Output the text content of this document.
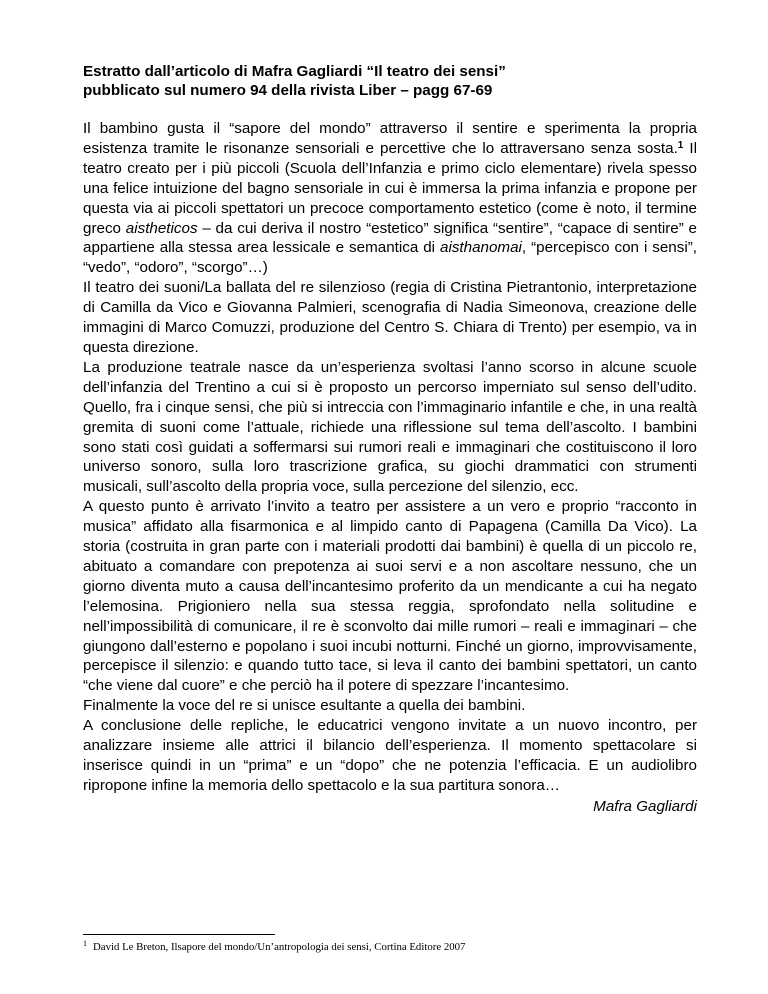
Estratto dall’articolo di Mafra Gagliardi “Il teatro dei sensi”
pubblicato sul numero 94 della rivista Liber – pagg 67-69

Il bambino gusta il “sapore del mondo” attraverso il sentire e sperimenta la propria esistenza tramite le risonanze sensoriali e percettive che lo attraversano senza sosta.$^1$ Il teatro creato per i più piccoli (Scuola dell’Infanzia e primo ciclo elementare) rivela spesso una felice intuizione del bagno sensoriale in cui è immersa la prima infanzia e propone per questa via ai piccoli spettatori un precoce comportamento estetico (come è noto, il termine greco aistheticos – da cui deriva il nostro “estetico” significa “sentire”, “capace di sentire” e appartiene alla stessa area lessicale e semantica di aisthanomai, “percepisco con i sensi”, “vedo”, “odoro”, “scorgo”…)

Il teatro dei suoni/La ballata del re silenzioso (regia di Cristina Pietrantonio, interpretazione di Camilla da Vico e Giovanna Palmieri, scenografia di Nadia Simeonova, creazione delle immagini di Marco Comuzzi, produzione del Centro S. Chiara di Trento) per esempio, va in questa direzione.

La produzione teatrale nasce da un’esperienza svoltasi l’anno scorso in alcune scuole dell’infanzia del Trentino a cui si è proposto un percorso imperniato sul senso dell’udito. Quello, fra i cinque sensi, che più si intreccia con l’immaginario infantile e che, in una realtà gremita di suoni come l’attuale, richiede una riflessione sul tema dell’ascolto. I bambini sono stati così guidati a soffermarsi sui rumori reali e immaginari che costituiscono il loro universo sonoro, sulla loro trascrizione grafica, su giochi drammatici con strumenti musicali, sull’ascolto della propria voce, sulla percezione del silenzio, ecc.

A questo punto è arrivato l’invito a teatro per assistere a un vero e proprio “racconto in musica” affidato alla fisarmonica e al limpido canto di Papagena (Camilla Da Vico). La storia (costruita in gran parte con i materiali prodotti dai bambini) è quella di un piccolo re, abituato a comandare con prepotenza ai suoi servi e a non ascoltare nessuno, che un giorno diventa muto a causa dell’incantesimo proferito da un mendicante a cui ha negato l’elemosina. Prigioniero nella sua stessa reggia, sprofondato nella solitudine e nell’impossibilità di comunicare, il re è sconvolto dai mille rumori – reali e immaginari – che giungono dall’esterno e popolano i suoi incubi notturni. Finché un giorno, improvvisamente, percepisce il silenzio: e quando tutto tace, si leva il canto dei bambini spettatori, un canto “che viene dal cuore” e che perciò ha il potere di spezzare l’incantesimo.

Finalmente la voce del re si unisce esultante a quella dei bambini.

A conclusione delle repliche, le educatrici vengono invitate a un nuovo incontro, per analizzare insieme alle attrici il bilancio dell’esperienza. Il momento spettacolare si inserisce quindi in un “prima” e un “dopo” che ne potenzia l’efficacia. E un audiolibro ripropone infine la memoria dello spettacolo e la sua partitura sonora…

Mafra Gagliardi
$^1$ David Le Breton, Ilsapore del mondo/Un’antropologia dei sensi, Cortina Editore 2007
